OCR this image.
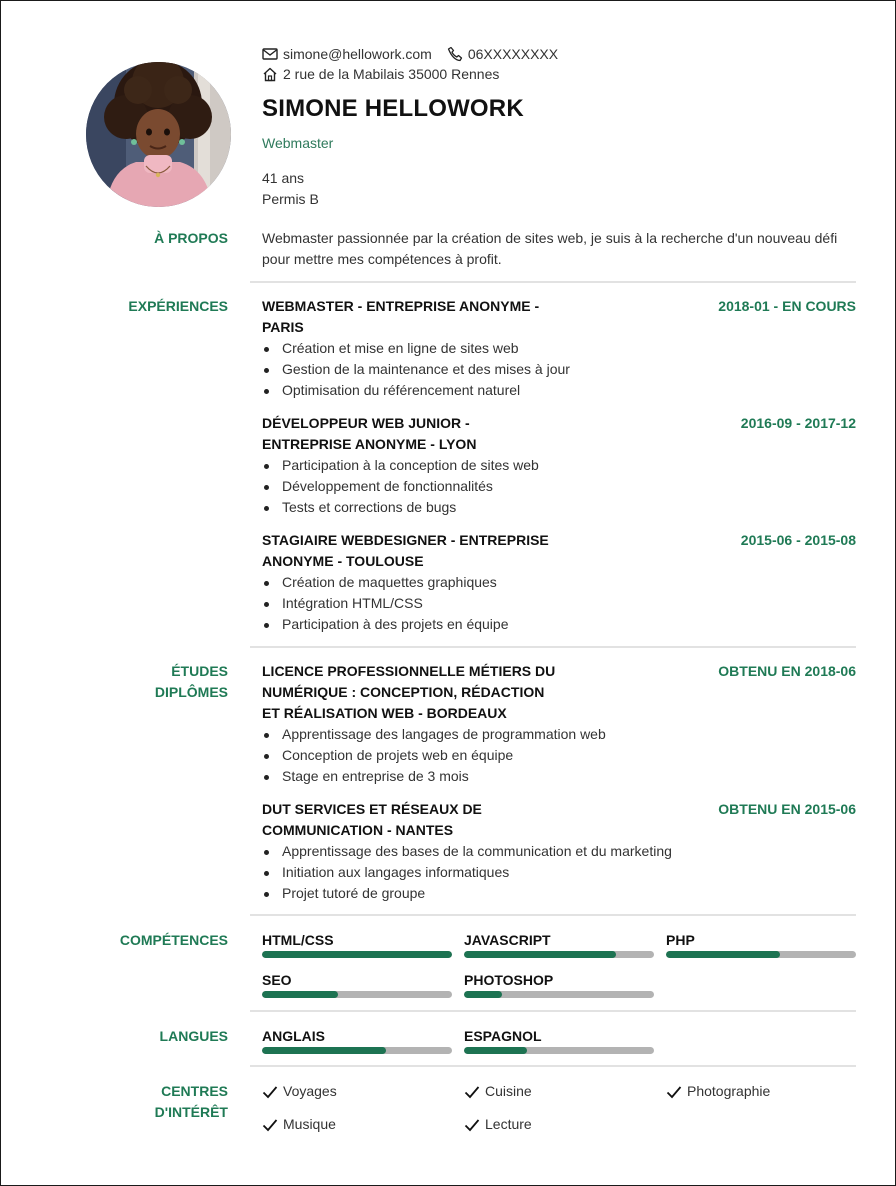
simone@hellowork.com	06XXXXXXXX
2 rue de la Mabilais 35000 Rennes
SIMONE HELLOWORK
Webmaster
41 ans
Permis B
À PROPOS Webmaster passionnée par la création de sites web, je suis à la recherche d'un nouveau défi pour mettre mes compétences à profit.
EXPÉRIENCES WEBMASTER - ENTREPRISE ANONYME - PARIS
2018-01 - EN COURS
Création et mise en ligne de sites web
Gestion de la maintenance et des mises à jour
Optimisation du référencement naturel
DÉVELOPPEUR WEB JUNIOR - ENTREPRISE ANONYME - LYON
2016-09 - 2017-12
Participation à la conception de sites web
Développement de fonctionnalités
Tests et corrections de bugs
STAGIAIRE WEBDESIGNER - ENTREPRISE ANONYME - TOULOUSE
2015-06 - 2015-08
Création de maquettes graphiques
Intégration HTML/CSS
Participation à des projets en équipe
ÉTUDES
DIPLÔMES
LICENCE PROFESSIONNELLE MÉTIERS DU NUMÉRIQUE : CONCEPTION, RÉDACTION ET RÉALISATION WEB - BORDEAUX
OBTENU EN 2018-06
Apprentissage des langages de programmation web
Conception de projets web en équipe
Stage en entreprise de 3 mois
DUT SERVICES ET RÉSEAUX DE COMMUNICATION - NANTES
OBTENU EN 2015-06
Apprentissage des bases de la communication et du marketing
Initiation aux langages informatiques
Projet tutoré de groupe
COMPÉTENCES HTML/CSS	JAVASCRIPT	PHP
SEO	PHOTOSHOP
LANGUES ANGLAIS	ESPAGNOL
CENTRES
D'INTÉRÊT
Voyages	Cuisine	Photographie
Musique	Lecture
